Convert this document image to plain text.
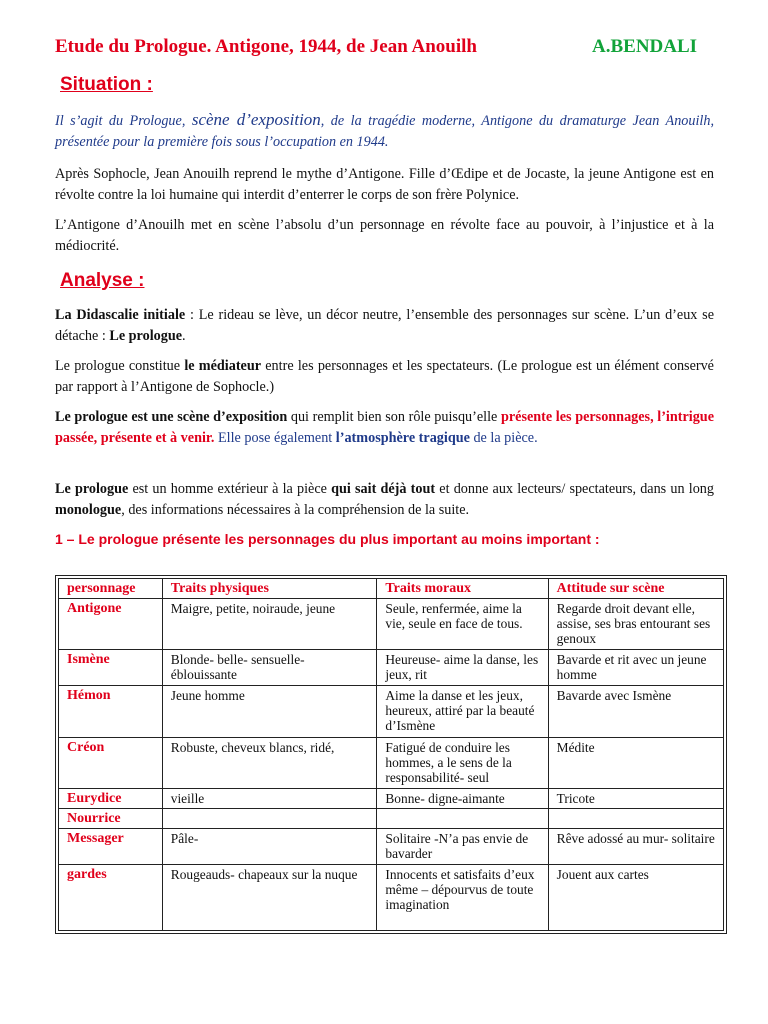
Etude du Prologue. Antigone, 1944, de Jean Anouilh	A.BENDALI
Situation :
Il s’agit du Prologue, scène d’exposition, de la tragédie moderne, Antigone du dramaturge Jean Anouilh, présentée pour la première fois sous l’occupation en 1944.
Après Sophocle, Jean Anouilh reprend le mythe d’Antigone. Fille d’Œdipe et de Jocaste, la jeune Antigone est en révolte contre la loi humaine qui interdit d’enterrer le corps de son frère Polynice.
L’Antigone d’Anouilh met en scène l’absolu d’un personnage en révolte face au pouvoir, à l’injustice et à la médiocrité.
Analyse :
La Didascalie initiale : Le rideau se lève, un décor neutre, l’ensemble des personnages sur scène. L’un d’eux se détache : Le prologue.
Le prologue constitue le médiateur entre les personnages et les spectateurs. (Le prologue est un élément conservé par rapport à l’Antigone de Sophocle.)
Le prologue est une scène d’exposition qui remplit bien son rôle puisqu’elle présente les personnages, l’intrigue passée, présente et à venir. Elle pose également l’atmosphère tragique de la pièce.
Le prologue est un homme extérieur à la pièce qui sait déjà tout et donne aux lecteurs/ spectateurs, dans un long monologue, des informations nécessaires à la compréhension de la suite.
1 – Le prologue présente les personnages du plus important au moins important :
personnage	Traits physiques	Traits moraux	Attitude sur scène
Antigone	Maigre, petite, noiraude, jeune	Seule, renfermée, aime la vie, seule en face de tous.	Regarde droit devant elle, assise, ses bras entourant ses genoux
Ismène	Blonde- belle- sensuelle- éblouissante	Heureuse- aime la danse, les jeux, rit	Bavarde et rit avec un jeune homme
Hémon	Jeune homme	Aime la danse et les jeux, heureux, attiré par la beauté d’Ismène	Bavarde avec Ismène
Créon	Robuste, cheveux blancs, ridé,	Fatigué de conduire les hommes, a le sens de la responsabilité- seul	Médite
Eurydice	vieille	Bonne- digne-aimante	Tricote
Nourrice			
Messager	Pâle-	Solitaire -N’a pas envie de bavarder	Rêve adossé au mur- solitaire
gardes	Rougeauds- chapeaux sur la nuque	Innocents et satisfaits d’eux même – dépourvus de toute imagination	Jouent aux cartes
